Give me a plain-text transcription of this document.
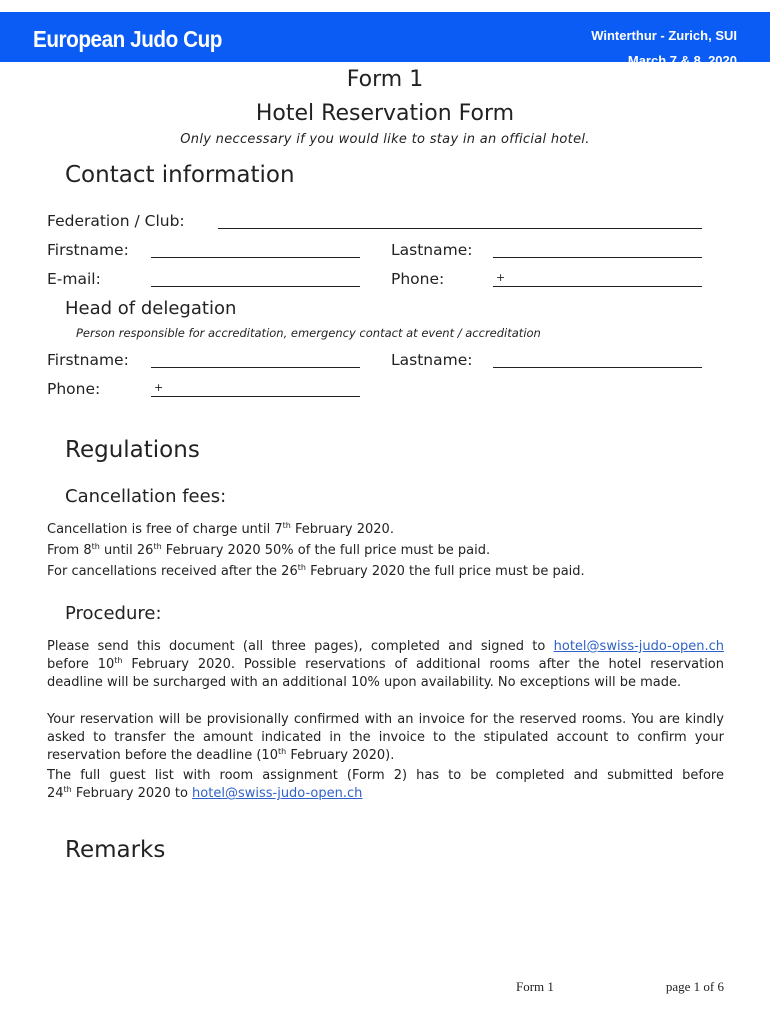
European Judo Cup	Winterthur - Zurich, SUI
March 7 & 8, 2020
Form 1
Hotel Reservation Form
Only neccessary if you would like to stay in an official hotel.
Contact information
Federation / Club:
Firstname:	Lastname:
E-mail:	Phone:	+
Head of delegation
Person responsible for accreditation, emergency contact at event / accreditation
Firstname:	Lastname:
Phone:	+
Regulations
Cancellation fees:
Cancellation is free of charge until 7th February 2020.
From 8th until 26th February 2020 50% of the full price must be paid.
For cancellations received after the 26th February 2020 the full price must be paid.
Procedure:
Please send this document (all three pages), completed and signed to hotel@swiss-judo-open.ch
before 10th February 2020. Possible reservations of additional rooms after the hotel reservation deadline will be surcharged with an additional 10% upon availability. No exceptions will be made.
Your reservation will be provisionally confirmed with an invoice for the reserved rooms. You are kindly asked to transfer the amount indicated in the invoice to the stipulated account to confirm your reservation before the deadline (10th February 2020).
The full guest list with room assignment (Form 2) has to be completed and submitted before
24th February 2020 to hotel@swiss-judo-open.ch
Remarks
Form 1	page 1 of 6
